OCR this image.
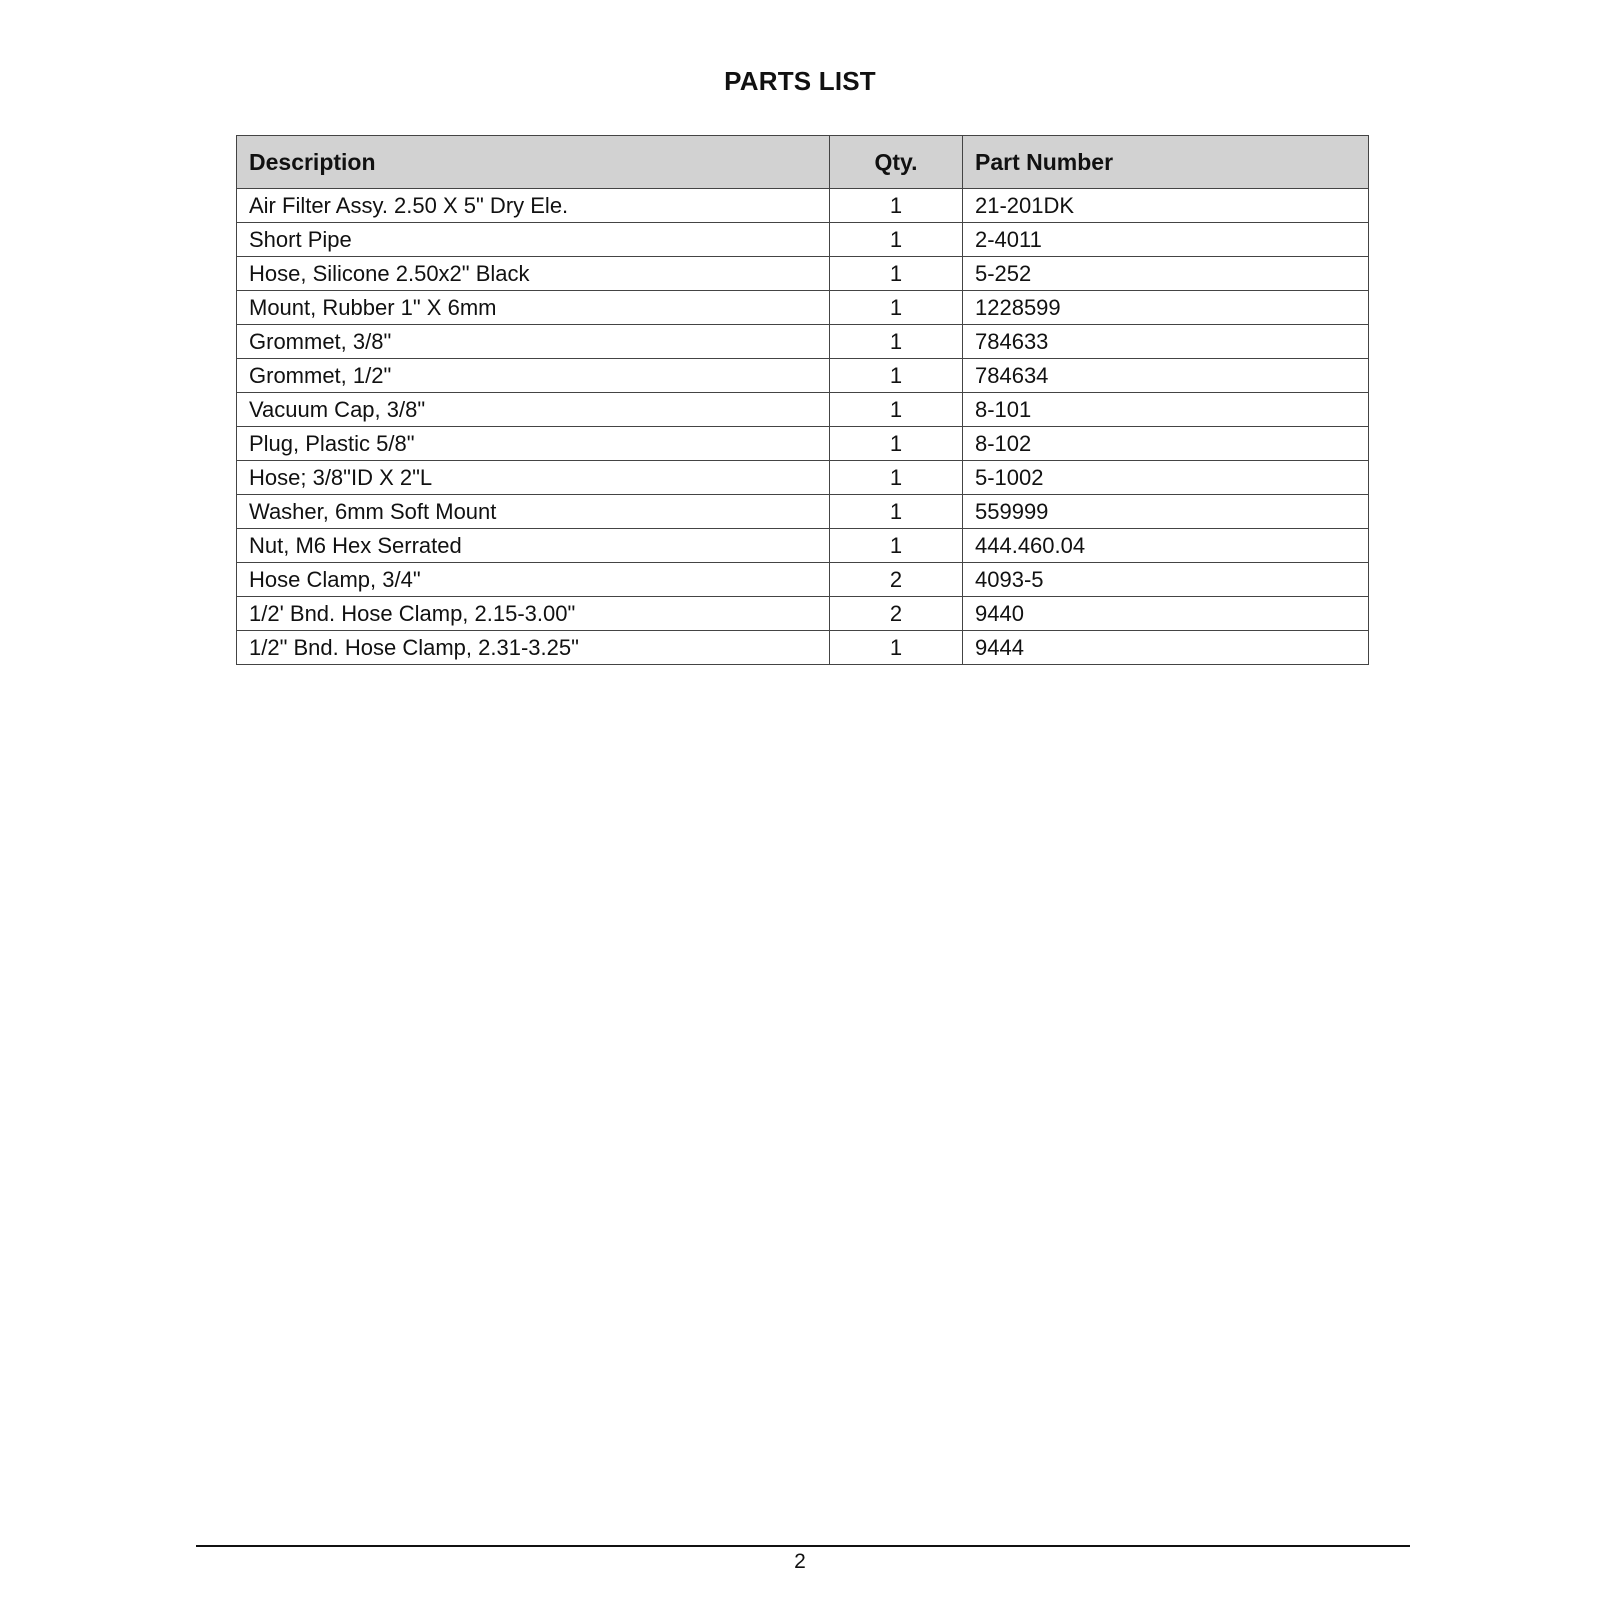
PARTS LIST
Description	Qty.	Part Number
Air Filter Assy. 2.50 X 5" Dry Ele.	1	21-201DK
Short Pipe	1	2-4011
Hose, Silicone 2.50x2" Black	1	5-252
Mount, Rubber 1" X 6mm	1	1228599
Grommet, 3/8"	1	784633
Grommet, 1/2"	1	784634
Vacuum Cap, 3/8"	1	8-101
Plug, Plastic 5/8"	1	8-102
Hose; 3/8"ID X 2"L	1	5-1002
Washer, 6mm Soft Mount	1	559999
Nut, M6 Hex Serrated	1	444.460.04
Hose Clamp, 3/4"	2	4093-5
1/2' Bnd. Hose Clamp, 2.15-3.00"	2	9440
1/2" Bnd. Hose Clamp, 2.31-3.25"	1	9444
2
